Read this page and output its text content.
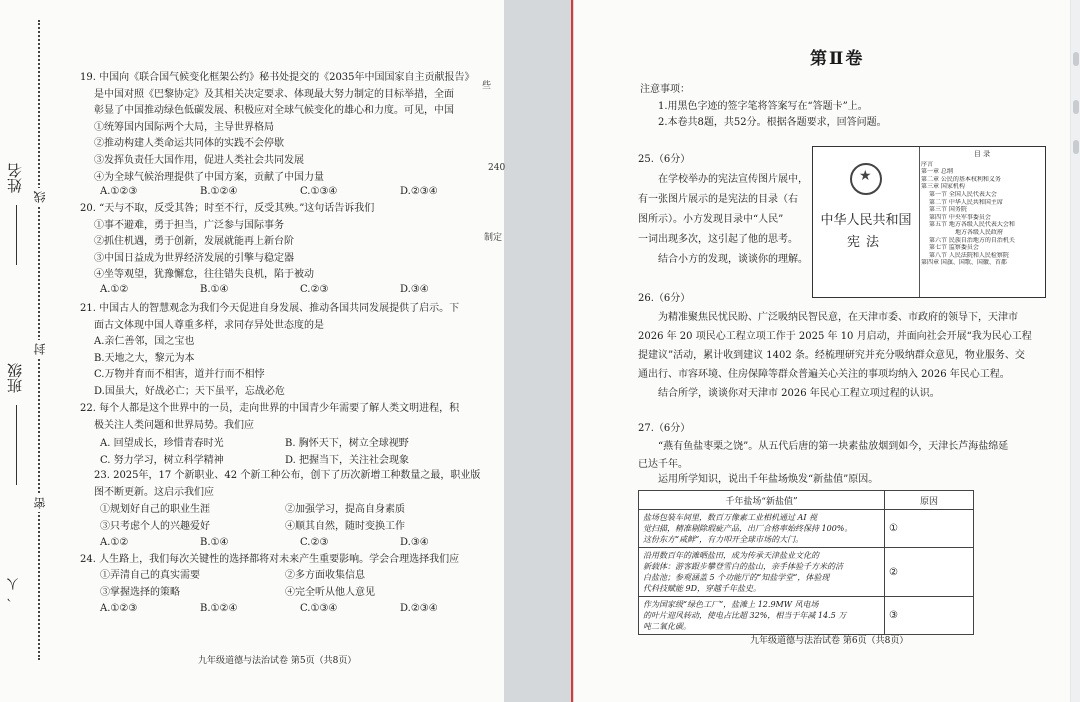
姓名
班级
线
封
密
、人
19. 中国向《联合国气候变化框架公约》秘书处提交的《2035年中国国家自主贡献报告》
是中国对照《巴黎协定》及其相关决定要求、体现最大努力制定的目标举措，全面
彰显了中国推动绿色低碳发展、积极应对全球气候变化的雄心和力度。可见，中国
①统筹国内国际两个大局，主导世界格局
②推动构建人类命运共同体的实践不会停歇
③发挥负责任大国作用，促进人类社会共同发展
④为全球气候治理提供了中国方案，贡献了中国力量
A.①②③	B.①②④	C.①③④	D.②③④
20. “天与不取，反受其咎；时至不行，反受其殃。”这句话告诉我们
①事不避难，勇于担当，广泛参与国际事务
②抓住机遇，勇于创新，发展就能再上新台阶
③中国日益成为世界经济发展的引擎与稳定器
④坐等观望，犹豫懈怠，往往错失良机，陷于被动
A.①②	B.①④	C.②③	D.③④
21. 中国古人的智慧观念为我们今天促进自身发展、推动各国共同发展提供了启示。下
面古文体现中国人尊重多样，求同存异处世态度的是
A.亲仁善邻，国之宝也
B.天地之大，黎元为本
C.万物并育而不相害，道并行而不相悖
D.国虽大，好战必亡；天下虽平，忘战必危
22. 每个人都是这个世界中的一员，走向世界的中国青少年需要了解人类文明进程，积
极关注人类问题和世界局势。我们应
A. 回望成长，珍惜青春时光	B. 胸怀天下，树立全球视野
C. 努力学习，树立科学精神	D. 把握当下，关注社会现象
23. 2025年，17 个新职业、42 个新工种公布，创下了历次新增工种数量之最，职业版
图不断更新。这启示我们应
①规划好自己的职业生涯	②加强学习，提高自身素质
③只考虑个人的兴趣爱好	④顺其自然，随时变换工作
A.①②	B.①④	C.②③	D.③④
24. 人生路上，我们每次关键性的选择都将对未来产生重要影响。学会合理选择我们应
①弄清自己的真实需要	②多方面收集信息
③掌握选择的策略	④完全听从他人意见
A.①②③	B.①②④	C.①③④	D.②③④
九年级道德与法治试卷 第5页（共8页）
些
240
制定
第Ⅱ卷
注意事项：
1.用黑色字迹的签字笔将答案写在“答题卡”上。
2.本卷共8题，共52分。根据各题要求，回答问题。
25.（6分）
在学校举办的宪法宣传图片展中，
有一张图片展示的是宪法的目录（右
图所示）。小方发现目录中“人民”
一词出现多次，这引起了他的思考。
结合小方的发现，谈谈你的理解。
★
中华人民共和国
宪法
目 录
序言
第一章 总纲
第二章 公民的基本权利和义务
第三章 国家机构
第一节 全国人民代表大会
第二节 中华人民共和国主席
第三节 国务院
第四节 中央军事委员会
第五节 地方各级人民代表大会和
地方各级人民政府
第六节 民族自治地方的自治机关
第七节 监察委员会
第八节 人民法院和人民检察院
第四章 国旗、国歌、国徽、首都
26.（6分）
为精准聚焦民忧民盼、广泛吸纳民智民意，在天津市委、市政府的领导下，天津市
2026 年 20 项民心工程立项工作于 2025 年 10 月启动，并面向社会开展“我为民心工程
提建议”活动，累计收到建议 1402 条。经梳理研究并充分吸纳群众意见，物业服务、交
通出行、市容环境、住房保障等群众普遍关心关注的事项均纳入 2026 年民心工程。
结合所学，谈谈你对天津市 2026 年民心工程立项过程的认识。
27.（6分）
“燕有鱼盐枣栗之饶”。从五代后唐的第一块素盐放烟到如今，天津长芦海盐绵延
已达千年。
运用所学知识，说出千年盐场焕发“新盐值”原因。
千年盐场“新盐值”	原因

盐场包装车间里，数百万像素工业相机通过 AI 视
觉扫描，精准剔除瑕疵产品，出厂合格率始终保持 100%。
这份东方“咸鲜”，有力叩开全球市场的大门。	①

沿用数百年的滩晒盐田，成为传承天津盐业文化的
新载体：游客跟步攀登雪白的盐山，亲手体验千方米的洁
白盐池；参观涵盖 5 个功能厅的“知盐学堂”，体验现
代科技赋能 9D，穿越千年盐史。	②

作为国家级“绿色工厂”，盐滩上 12.9MW 风电场
的叶片迎风转动，使电占比超 32%，相当于年减 14.5 万
吨二氧化碳。	③
九年级道德与法治试卷 第6页（共8页）
